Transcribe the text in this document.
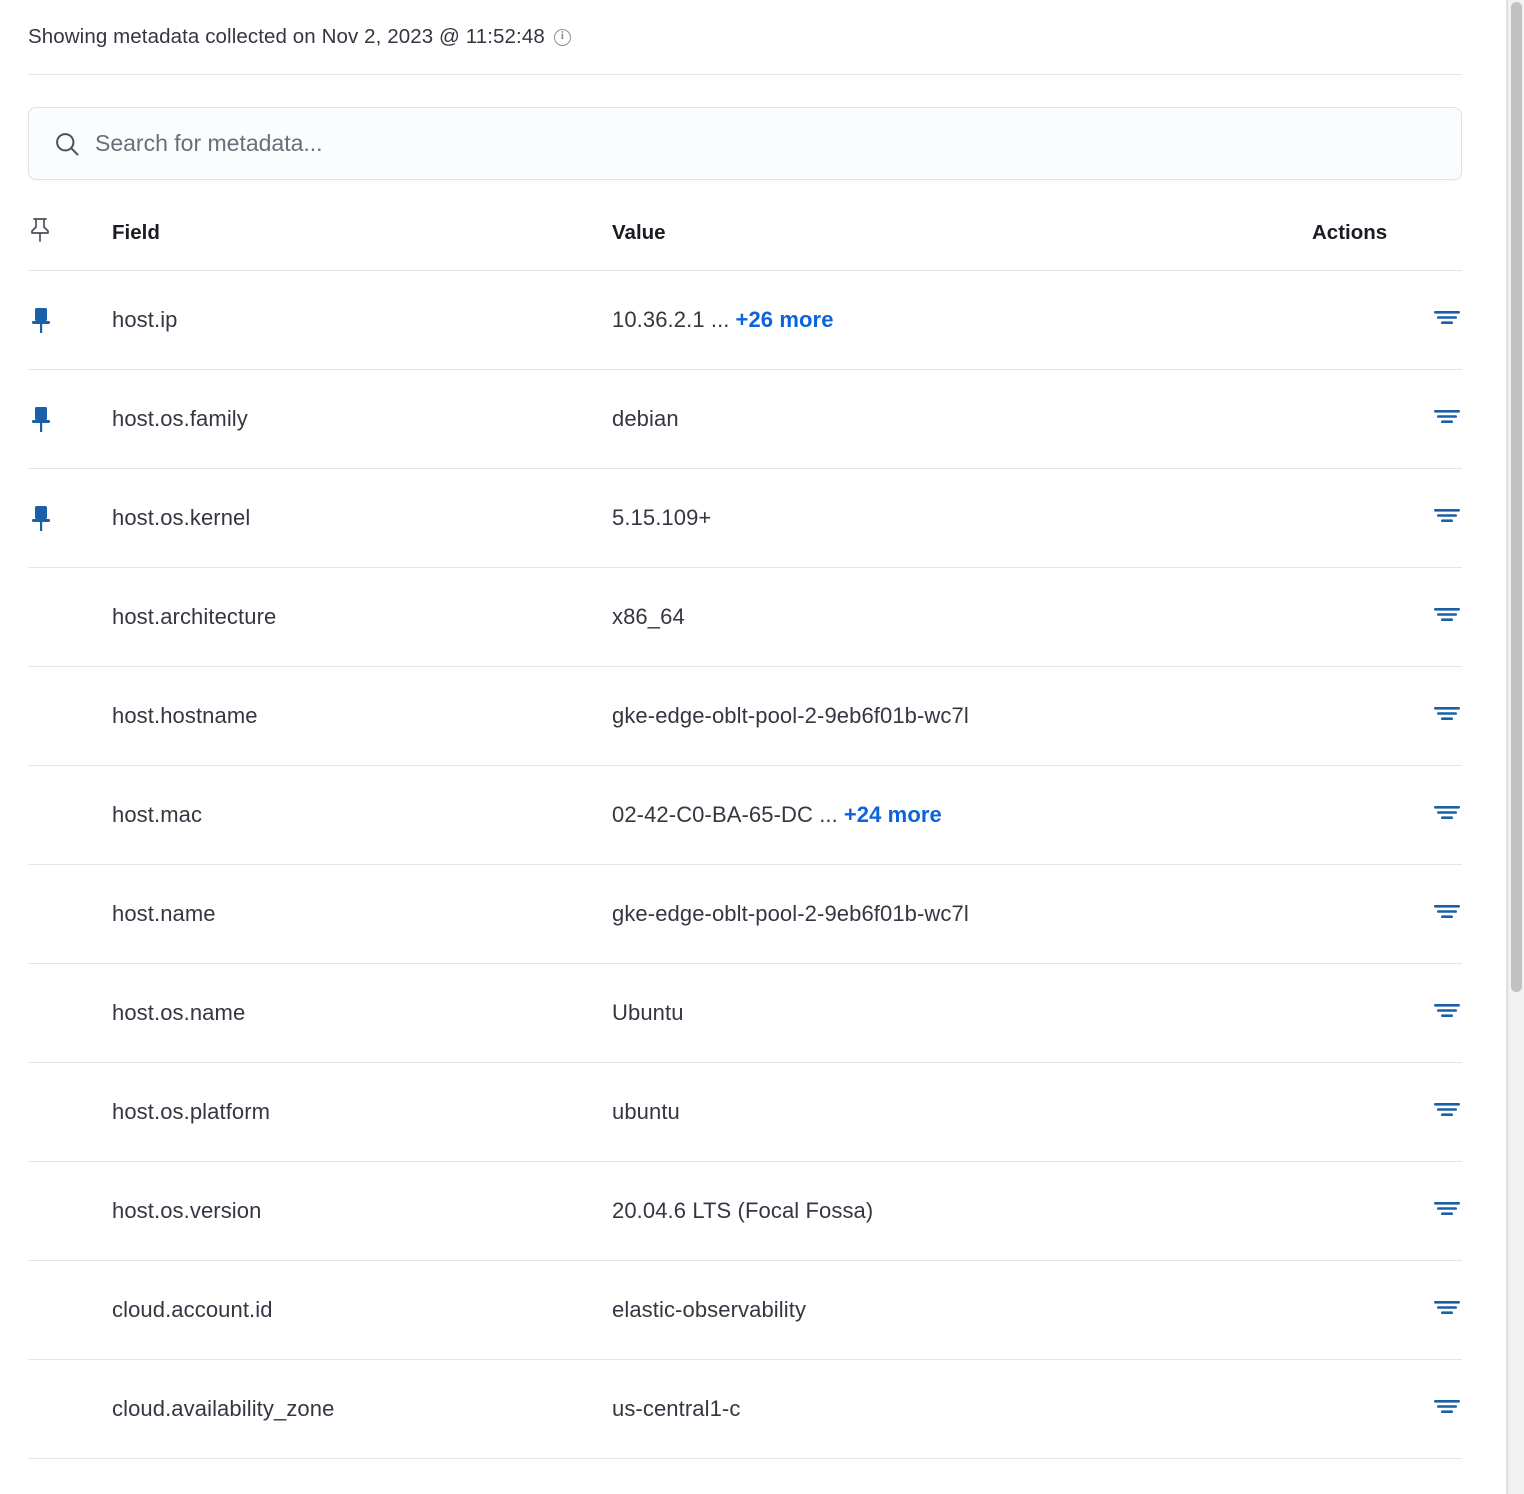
Showing metadata collected on Nov 2, 2023 @ 11:52:48	i
Search for metadata...
	Field	Value	Actions

	host.ip	10.36.2.1 ... +26 more	

	host.os.family	debian	

	host.os.kernel	5.15.109+	

	host.architecture	x86_64	

	host.hostname	gke-edge-oblt-pool-2-9eb6f01b-wc7l	

	host.mac	02-42-C0-BA-65-DC ... +24 more	

	host.name	gke-edge-oblt-pool-2-9eb6f01b-wc7l	

	host.os.name	Ubuntu	

	host.os.platform	ubuntu	

	host.os.version	20.04.6 LTS (Focal Fossa)	

	cloud.account.id	elastic-observability	

	cloud.availability_zone	us-central1-c	
